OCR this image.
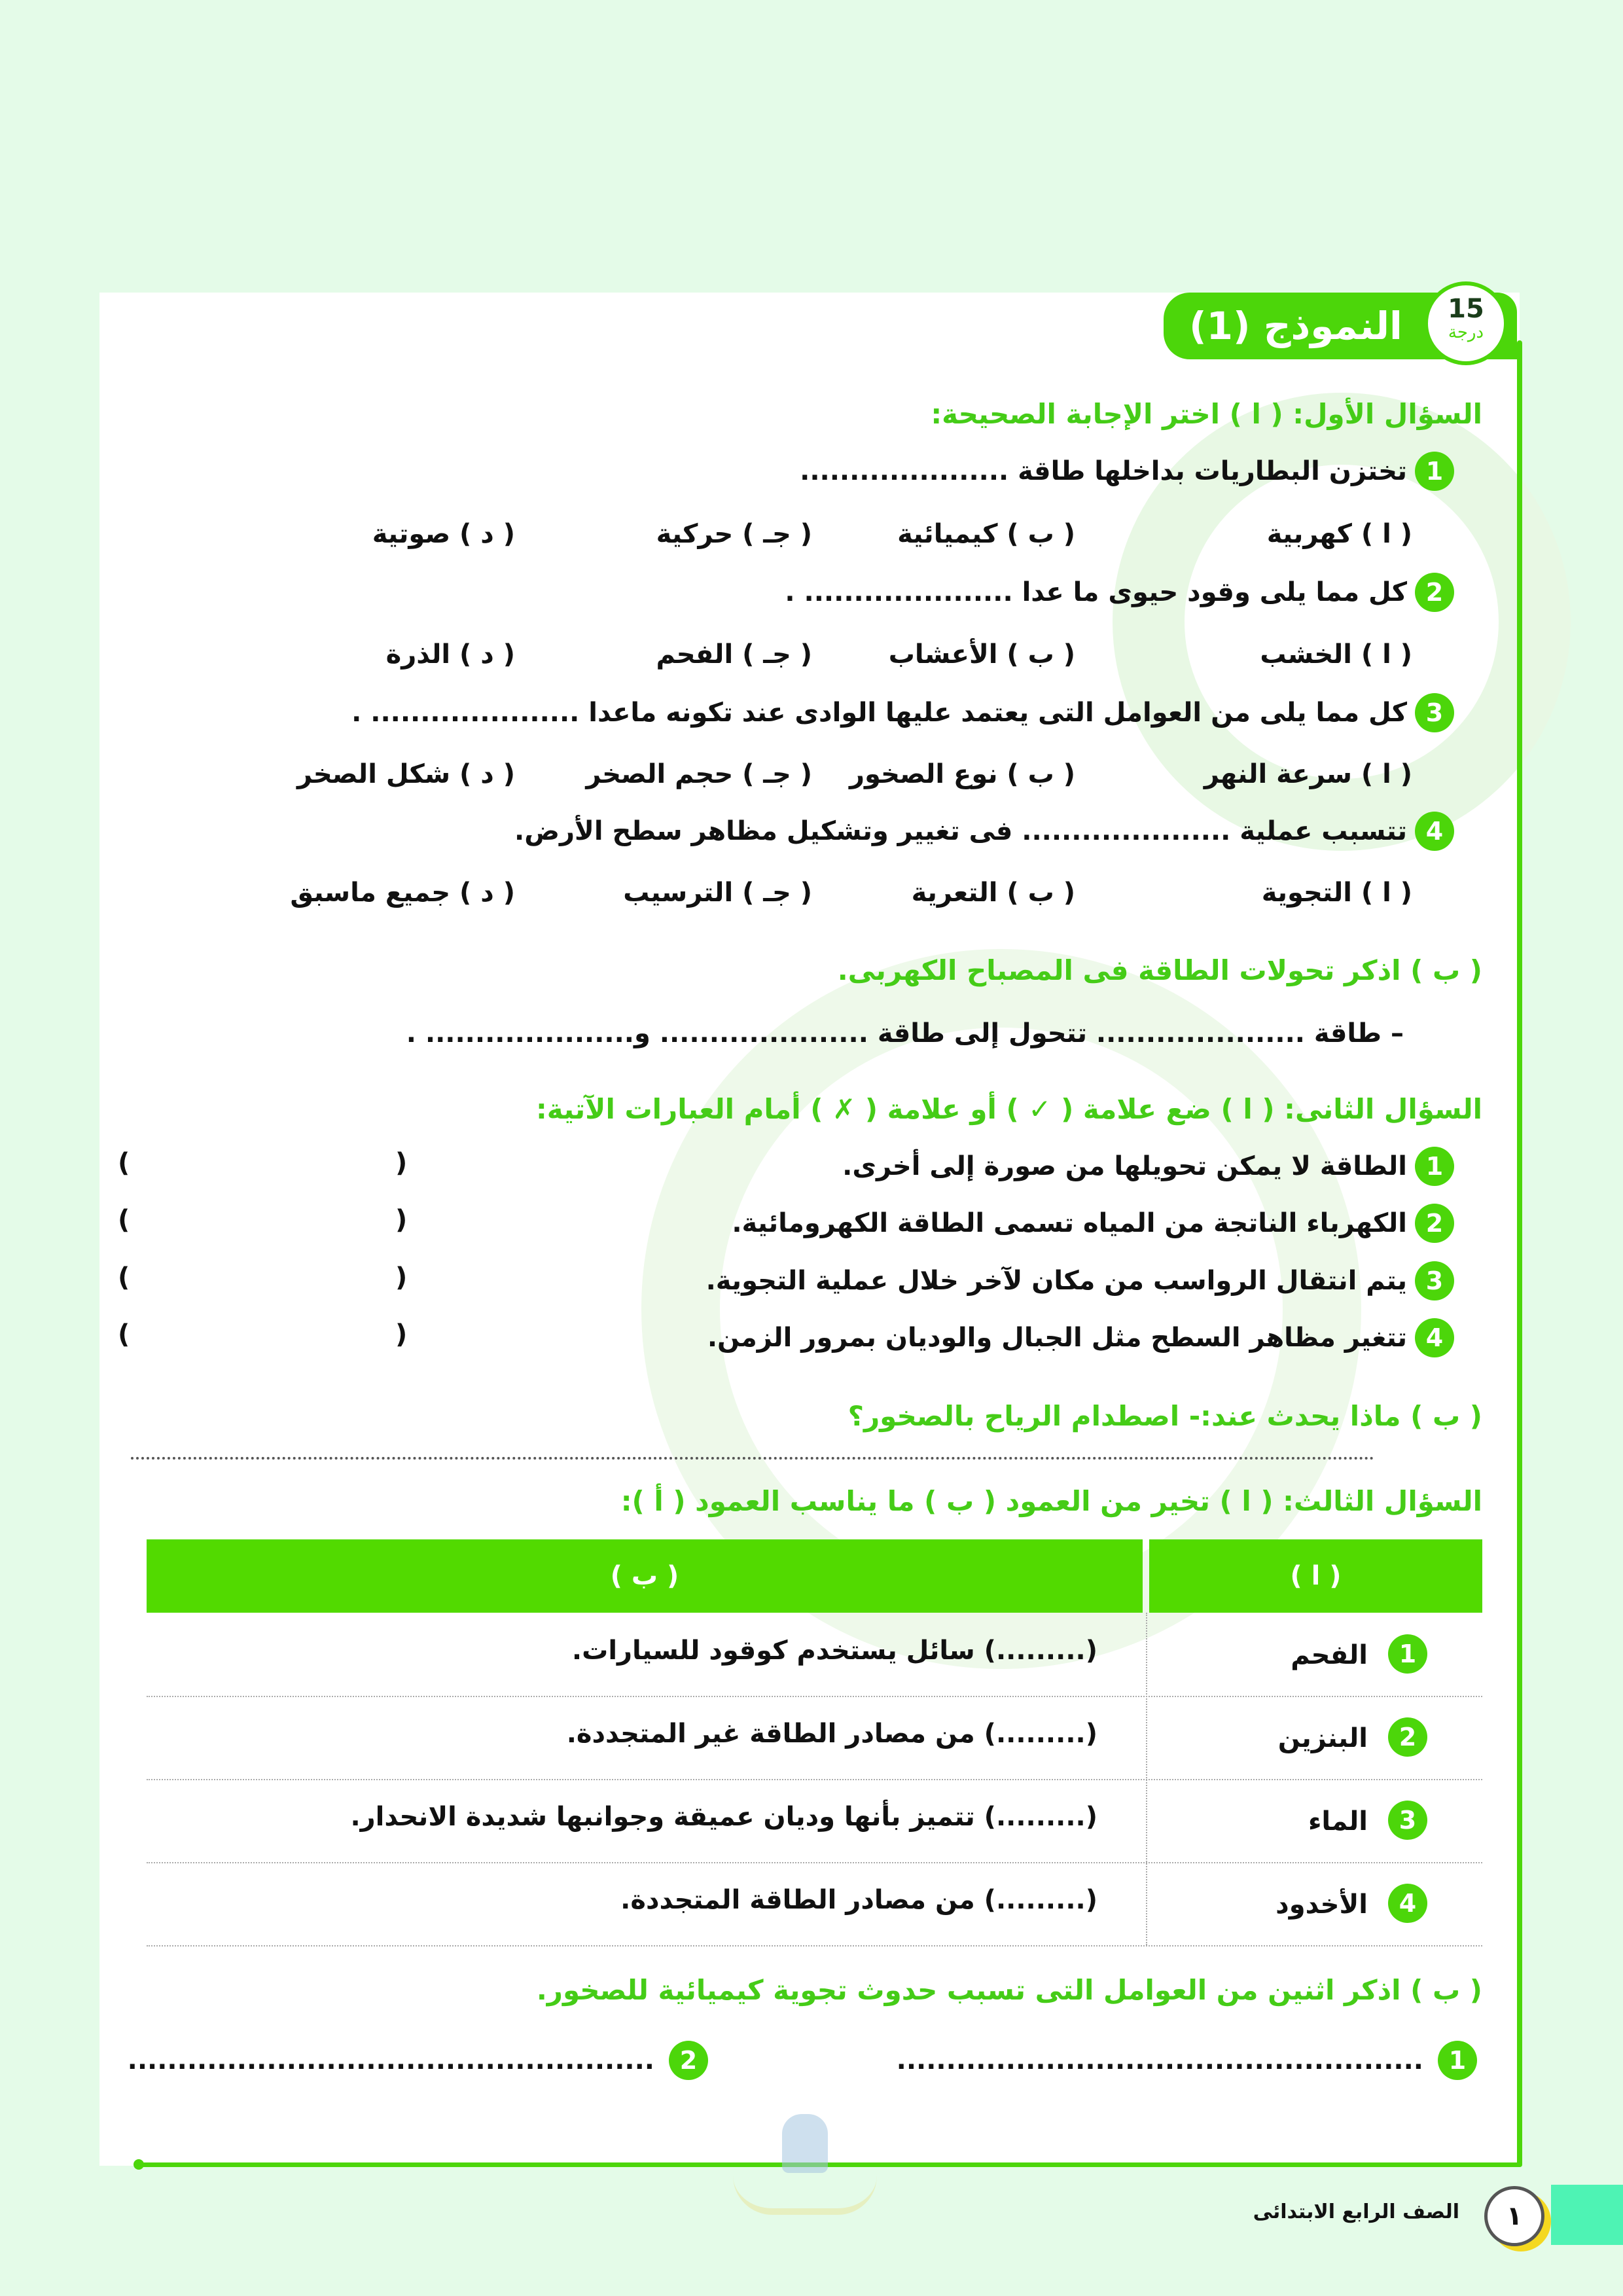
النموذج (1)	15
درجة
السؤال الأول: ( ا ) اختر الإجابة الصحيحة:
1
تختزن البطاريات بداخلها طاقة .....................
( ا ) كهربية
( ب ) كيميائية
( جـ ) حركية
( د ) صوتية
2
كل مما يلى وقود حيوى ما عدا ..................... .
( ا ) الخشب
( ب ) الأعشاب
( جـ ) الفحم
( د ) الذرة
3
كل مما يلى من العوامل التى يعتمد عليها الوادى عند تكونه ماعدا ..................... .
( ا ) سرعة النهر
( ب ) نوع الصخور
( جـ ) حجم الصخر
( د ) شكل الصخر
4
تتسبب عملية ..................... فى تغيير وتشكيل مظاهر سطح الأرض.
( ا ) التجوية
( ب ) التعرية
( جـ ) الترسيب
( د ) جميع ماسبق
( ب ) اذكر تحولات الطاقة فى المصباح الكهربى.
– طاقة ..................... تتحول إلى طاقة ..................... و..................... .
السؤال الثانى: ( ا ) ضع علامة ( ✓ ) أو علامة ( ✗ ) أمام العبارات الآتية:
1
الطاقة لا يمكن تحويلها من صورة إلى أخرى.
(    )
2
الكهرباء الناتجة من المياه تسمى الطاقة الكهرومائية.
(    )
3
يتم انتقال الرواسب من مكان لآخر خلال عملية التجوية.
(    )
4
تتغير مظاهر السطح مثل الجبال والوديان بمرور الزمن.
(    )
( ب ) ماذا يحدث عند:- اصطدام الرياح بالصخور؟
السؤال الثالث: ( ا ) تخير من العمود ( ب ) ما يناسب العمود ( أ ):
( ب )	( ا )
1
الفحم
(.........) سائل يستخدم كوقود للسيارات.
2
البنزين
(.........) من مصادر الطاقة غير المتجددة.
3
الماء
(.........) تتميز بأنها وديان عميقة وجوانبها شديدة الانحدار.
4
الأخدود
(.........) من مصادر الطاقة المتجددة.
( ب ) اذكر اثنين من العوامل التى تسبب حدوث تجوية كيميائية للصخور.
1
.....................................................
2
.....................................................
الصف الرابع الابتدائى	١
